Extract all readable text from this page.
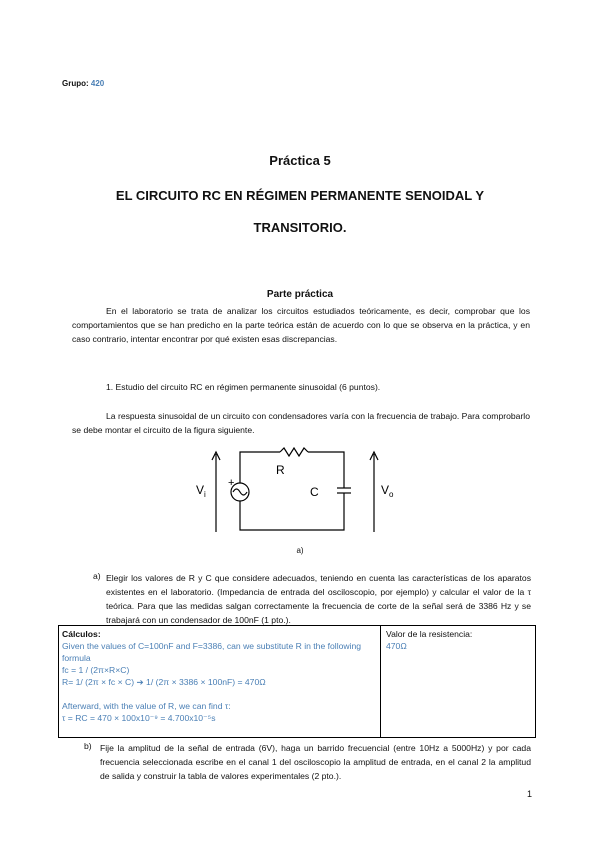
Grupo: 420
Práctica 5
EL CIRCUITO RC EN RÉGIMEN PERMANENTE SENOIDAL Y
TRANSITORIO.
Parte práctica
En el laboratorio se trata de analizar los circuitos estudiados teóricamente, es decir, comprobar que los comportamientos que se han predicho en la parte teórica están de acuerdo con lo que se observa en la práctica, y en caso contrario, intentar encontrar por qué existen esas discrepancias.
1. Estudio del circuito RC en régimen permanente sinusoidal (6 puntos).
La respuesta sinusoidal de un circuito con condensadores varía con la frecuencia de trabajo. Para comprobarlo se debe montar el circuito de la figura siguiente.
+
R
C
$V_i$	$V_o$
a)
a) Elegir los valores de R y C que considere adecuados, teniendo en cuenta las características de los aparatos existentes en el laboratorio. (Impedancia de entrada del osciloscopio, por ejemplo) y calcular el valor de la τ teórica. Para que las medidas salgan correctamente la frecuencia de corte de la señal será de 3386 Hz y se trabajará con un condensador de 100nF (1 pto.).
Cálculos:
Given the values of C=100nF and F=3386, can we substitute R in the following formula
fc = 1 / (2π×R×C)
R= 1/ (2π × fc × C) ➔ 1/ (2π × 3386 × 100nF) = 470Ω
Afterward, with the value of R, we can find τ:
τ = RC = 470 × 100x10⁻⁹ = 4.700x10⁻⁵s
Valor de la resistencia:
470Ω
b) Fije la amplitud de la señal de entrada (6V), haga un barrido frecuencial (entre 10Hz a 5000Hz) y por cada frecuencia seleccionada escribe en el canal 1 del osciloscopio la amplitud de entrada, en el canal 2 la amplitud de salida y construir la tabla de valores experimentales (2 pto.).
1
